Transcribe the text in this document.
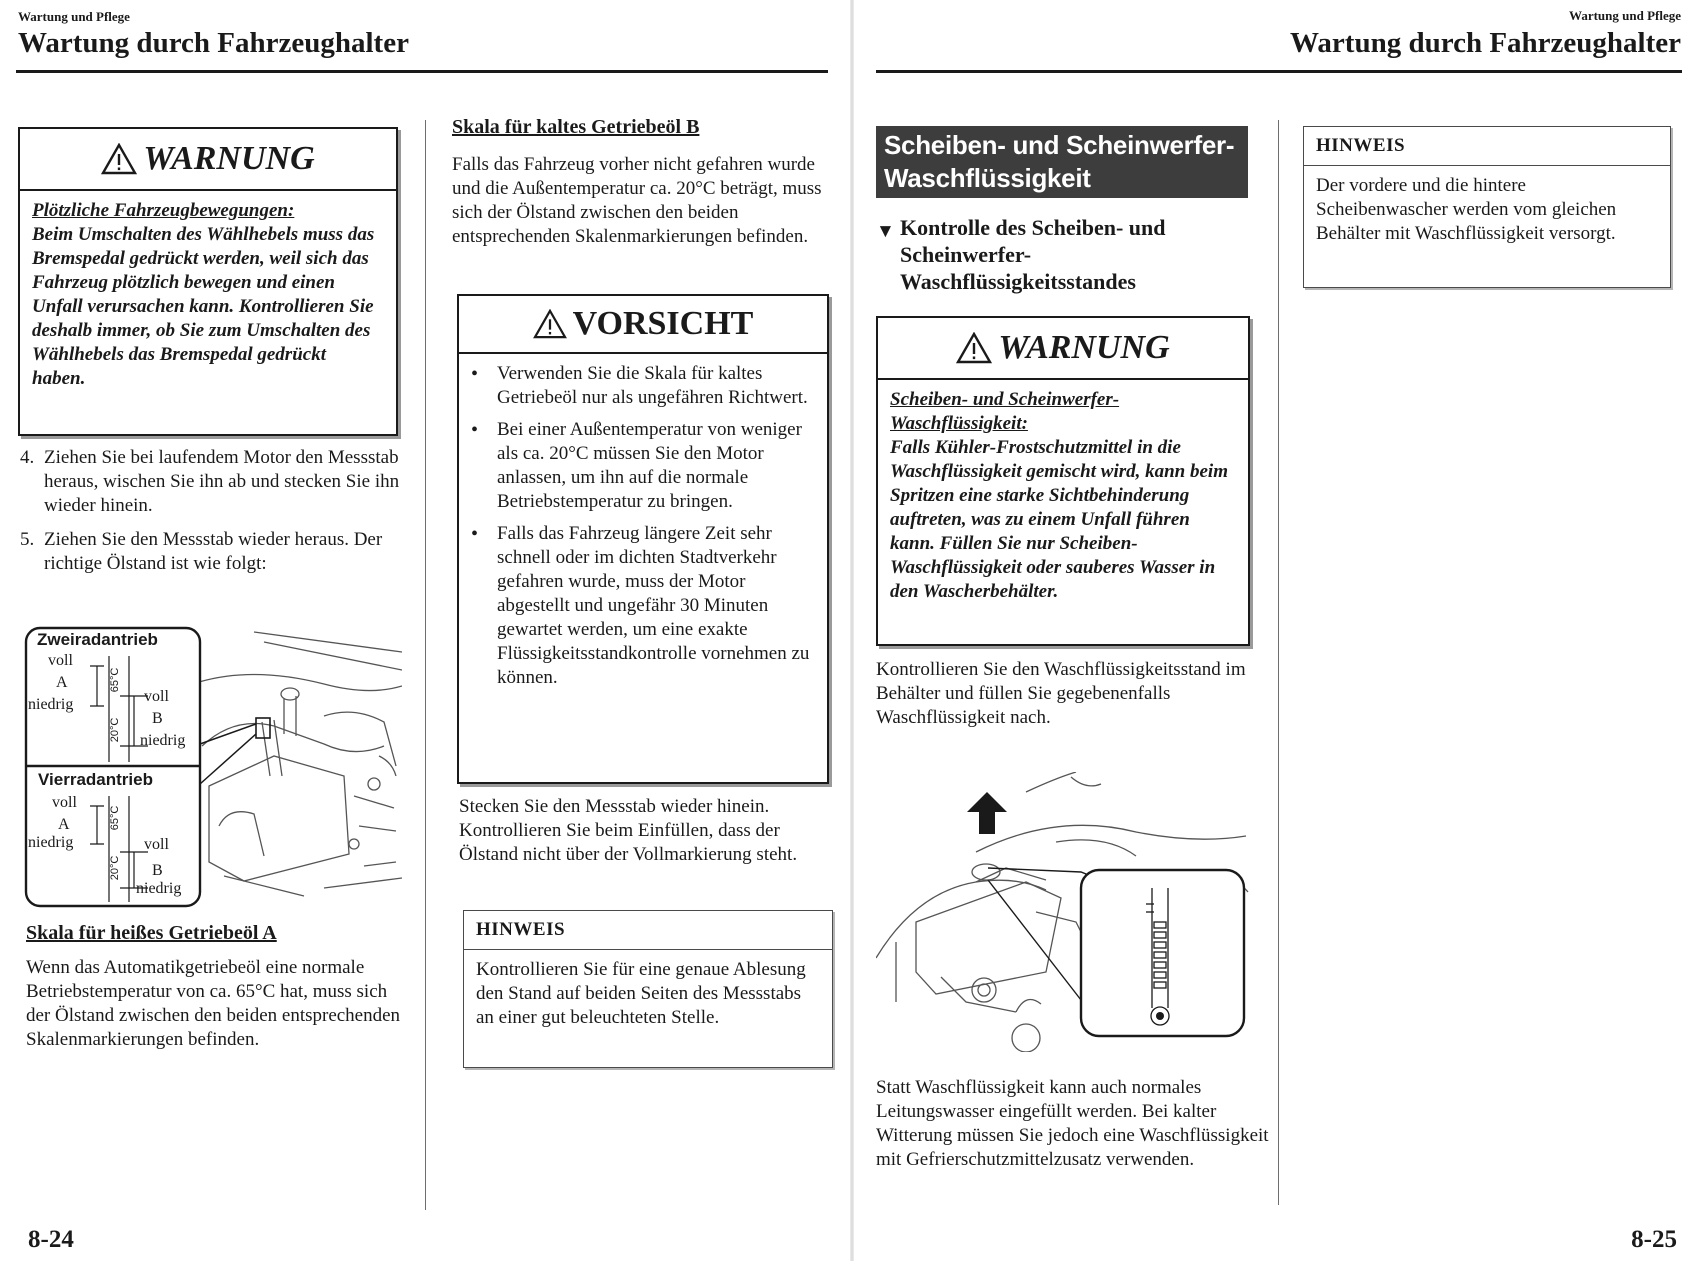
Wartung und Pflege
Wartung durch Fahrzeughalter
WARNUNG
Plötzliche Fahrzeugbewegungen:
Beim Umschalten des Wählhebels muss das Bremspedal gedrückt werden, weil sich das Fahrzeug plötzlich bewegen und einen Unfall verursachen kann. Kontrollieren Sie deshalb immer, ob Sie zum Umschalten des Wählhebels das Bremspedal gedrückt haben.
4. Ziehen Sie bei laufendem Motor den Messstab heraus, wischen Sie ihn ab und stecken Sie ihn wieder hinein.
5. Ziehen Sie den Messstab wieder heraus. Der richtige Ölstand ist wie folgt:
Zweiradantrieb
voll
A
niedrig	voll
B
niedrig
65°C
20°C
Vierradantrieb
voll
A
niedrig	voll
B
niedrig
65°C
20°C
Skala für heißes Getriebeöl A
Wenn das Automatikgetriebeöl eine normale Betriebstemperatur von ca. 65°C hat, muss sich der Ölstand zwischen den beiden entsprechenden Skalenmarkierungen befinden.
Skala für kaltes Getriebeöl B
Falls das Fahrzeug vorher nicht gefahren wurde und die Außentemperatur ca. 20°C beträgt, muss sich der Ölstand zwischen den beiden entsprechenden Skalenmarkierungen befinden.
VORSICHT
• Verwenden Sie die Skala für kaltes Getriebeöl nur als ungefähren Richtwert.
• Bei einer Außentemperatur von weniger als ca. 20°C müssen Sie den Motor anlassen, um ihn auf die normale Betriebstemperatur zu bringen.
• Falls das Fahrzeug längere Zeit sehr schnell oder im dichten Stadtverkehr gefahren wurde, muss der Motor abgestellt und ungefähr 30 Minuten gewartet werden, um eine exakte Flüssigkeitsstandkontrolle vornehmen zu können.
Stecken Sie den Messstab wieder hinein. Kontrollieren Sie beim Einfüllen, dass der Ölstand nicht über der Vollmarkierung steht.
HINWEIS
Kontrollieren Sie für eine genaue Ablesung den Stand auf beiden Seiten des Messstabs an einer gut beleuchteten Stelle.
8-24
Wartung und Pflege
Wartung durch Fahrzeughalter
Scheiben- und Scheinwerfer-
Waschflüssigkeit
▼ Kontrolle des Scheiben- und
Scheinwerfer-
Waschflüssigkeitsstandes
WARNUNG
Scheiben- und Scheinwerfer-
Waschflüssigkeit:
Falls Kühler-Frostschutzmittel in die Waschflüssigkeit gemischt wird, kann beim Spritzen eine starke Sichtbehinderung auftreten, was zu einem Unfall führen kann. Füllen Sie nur Scheiben-Waschflüssigkeit oder sauberes Wasser in den Wascherbehälter.
Kontrollieren Sie den Waschflüssigkeitsstand im Behälter und füllen Sie gegebenenfalls Waschflüssigkeit nach.
Statt Waschflüssigkeit kann auch normales Leitungswasser eingefüllt werden. Bei kalter Witterung müssen Sie jedoch eine Waschflüssigkeit mit Gefrierschutzmittelzusatz verwenden.
HINWEIS
Der vordere und die hintere Scheibenwascher werden vom gleichen Behälter mit Waschflüssigkeit versorgt.
8-25
